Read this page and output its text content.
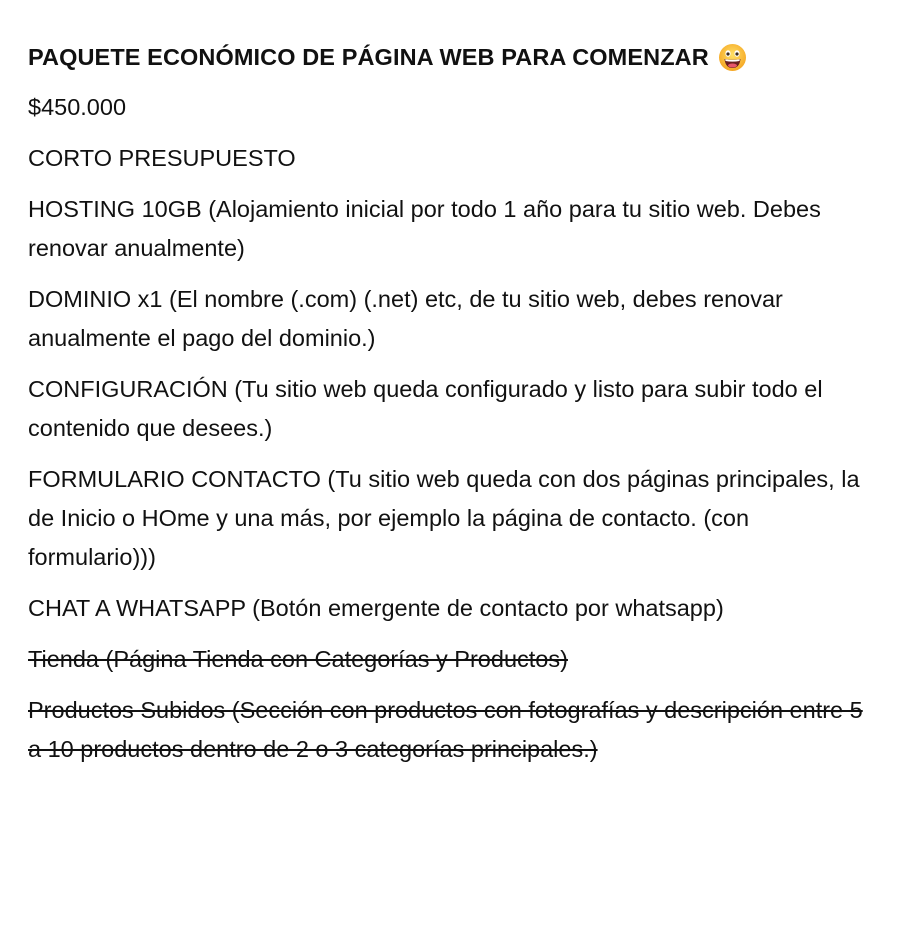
PAQUETE ECONÓMICO DE PÁGINA WEB PARA COMENZAR

$450.000

CORTO PRESUPUESTO

HOSTING 10GB (Alojamiento inicial por todo 1 año para tu sitio web. Debes renovar anualmente)

DOMINIO x1 (El nombre (.com) (.net) etc, de tu sitio web, debes renovar anualmente el pago del dominio.)

CONFIGURACIÓN (Tu sitio web queda configurado y listo para subir todo el contenido que desees.)

FORMULARIO CONTACTO (Tu sitio web queda con dos páginas principales, la de Inicio o HOme y una más, por ejemplo la página de contacto. (con formulario)))

CHAT A WHATSAPP (Botón emergente de contacto por whatsapp)

Tienda (Página Tienda con Categorías y Productos)

Productos Subidos (Sección con productos con fotografías y descripción entre 5 a 10 productos dentro de 2 o 3 categorías principales.)
